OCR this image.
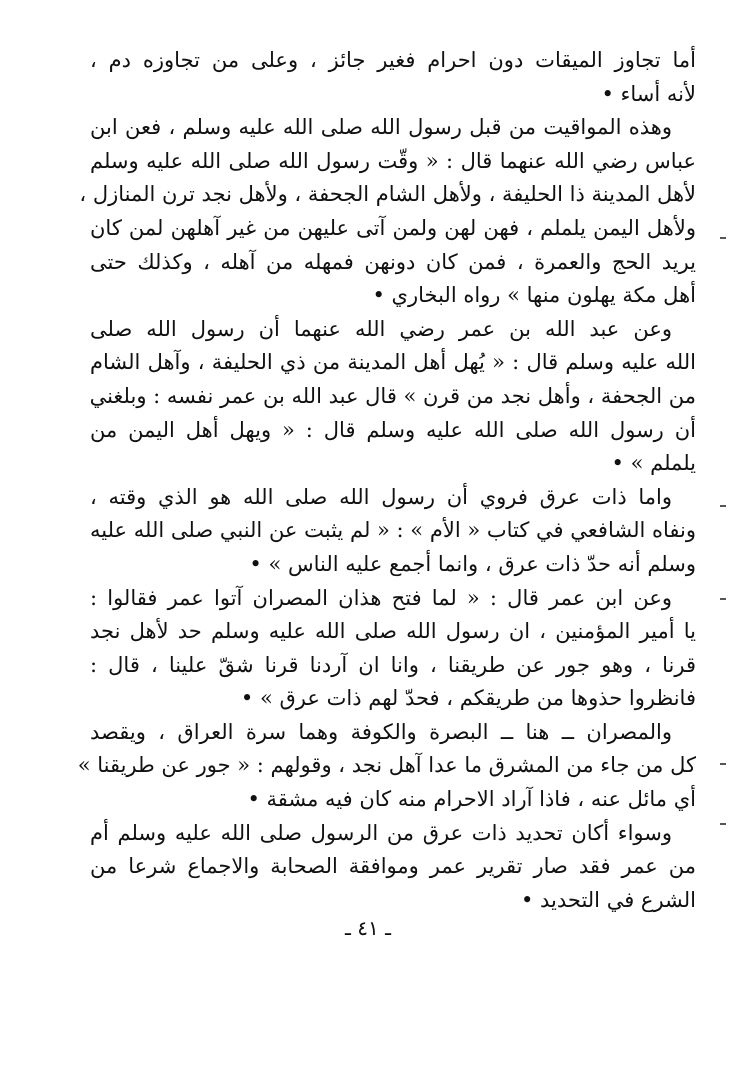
أما تجاوز الميقات دون احرام فغير جائز ، وعلى من تجاوزه دم ،
لأنه أساء •
وهذه المواقيت من قبل رسول الله صلى الله عليه وسلم ، فعن ابن
عباس رضي الله عنهما قال : « وقّت رسول الله صلى الله عليه وسلم
لأهل المدينة ذا الحليفة ، ولأهل الشام الجحفة ، ولأهل نجد ترن المنازل ،
ولأهل اليمن يلملم ، فهن لهن ولمن آتى عليهن من غير آهلهن لمن كان
يريد الحج والعمرة ، فمن كان دونهن فمهله من آهله ، وكذلك حتى
أهل مكة يهلون منها » رواه البخاري •
وعن عبد الله بن عمر رضي الله عنهما أن رسول الله صلى
الله عليه وسلم قال : « يُهل أهل المدينة من ذي الحليفة ، وآهل الشام
من الجحفة ، وأهل نجد من قرن » قال عبد الله بن عمر نفسه : وبلغني
أن رسول الله صلى الله عليه وسلم قال : « ويهل أهل اليمن من
يلملم » •
واما ذات عرق فروي أن رسول الله صلى الله هو الذي وقته ،
ونفاه الشافعي في كتاب « الأم » : « لم يثبت عن النبي صلى الله عليه
وسلم أنه حدّ ذات عرق ، وانما أجمع عليه الناس » •
وعن ابن عمر قال : « لما فتح هذان المصران آتوا عمر فقالوا :
يا أمير المؤمنين ، ان رسول الله صلى الله عليه وسلم حد لأهل نجد
قرنا ، وهو جور عن طريقنا ، وانا ان آردنا قرنا شقّ علينا ، قال :
فانظروا حذوها من طريقكم ، فحدّ لهم ذات عرق » •
والمصران ــ هنا ــ البصرة والكوفة وهما سرة العراق ، ويقصد
كل من جاء من المشرق ما عدا آهل نجد ، وقولهم : « جور عن طريقنا »
أي مائل عنه ، فاذا آراد الاحرام منه كان فيه مشقة •
وسواء أكان تحديد ذات عرق من الرسول صلى الله عليه وسلم أم
من عمر فقد صار تقرير عمر وموافقة الصحابة والاجماع شرعا من
الشرع في التحديد •
ـ ٤١ ـ
